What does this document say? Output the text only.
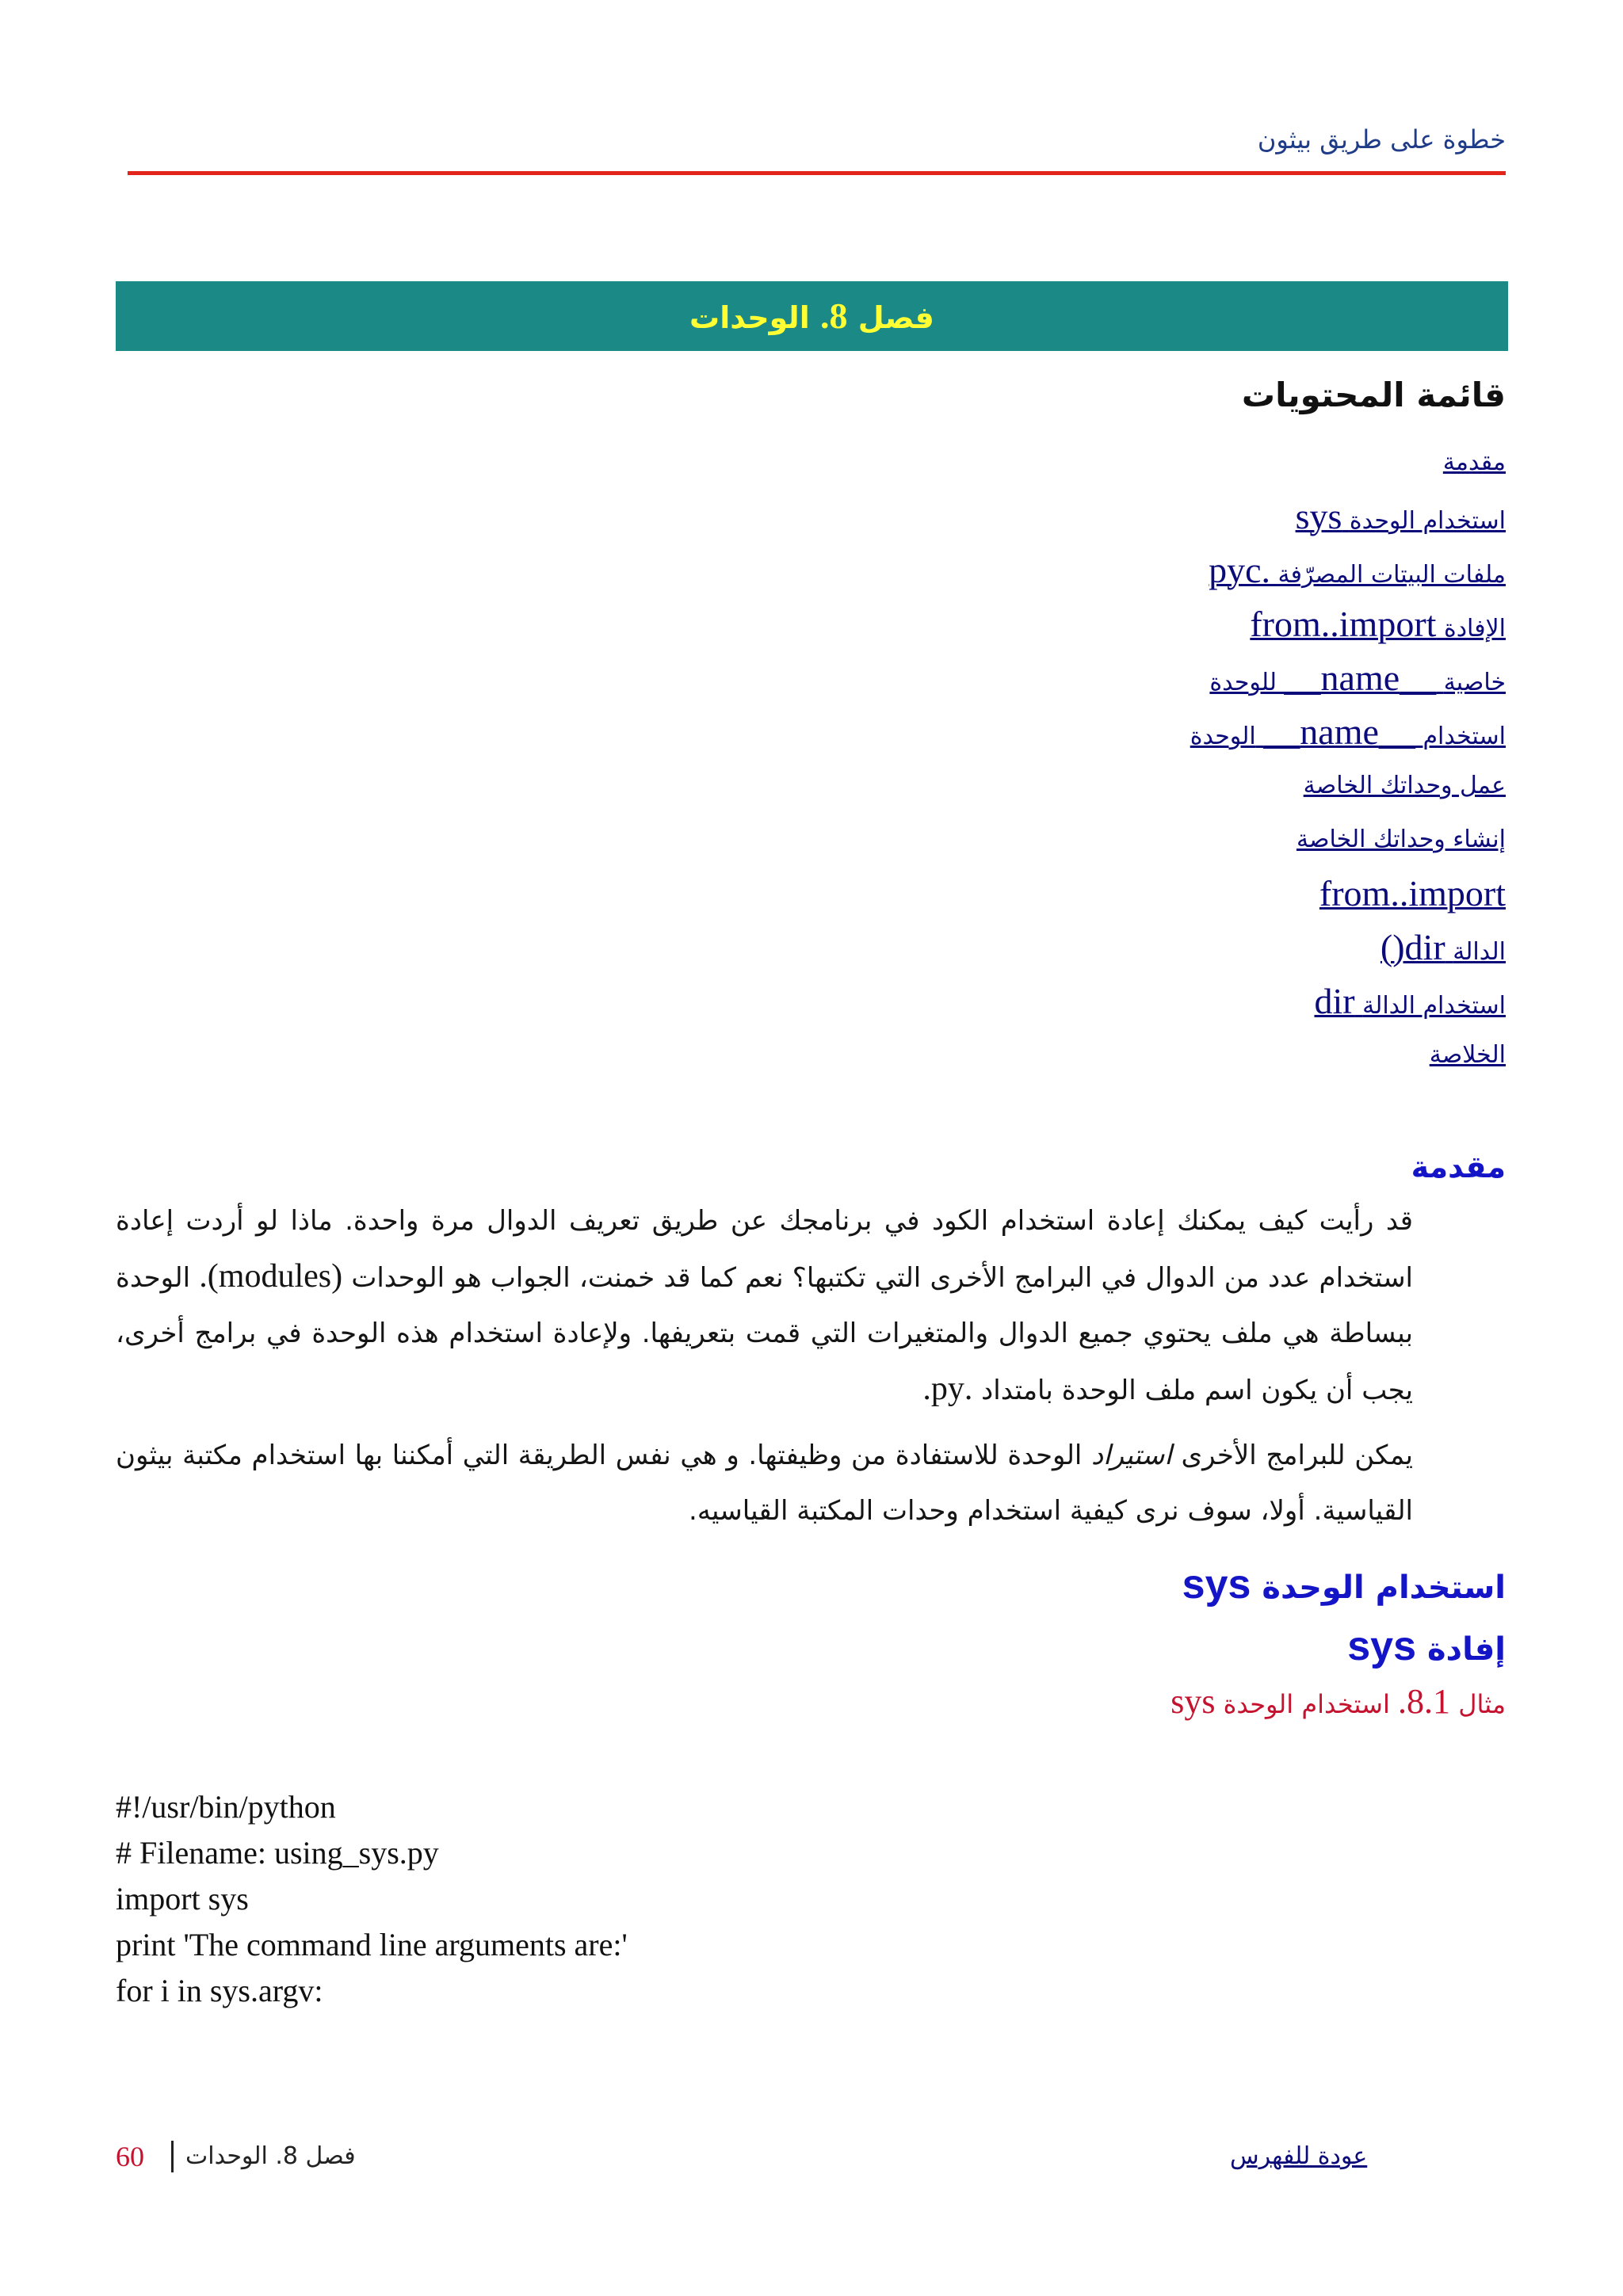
خطوة على طريق بيثون
فصل 8. الوحدات
قائمة المحتويات
مقدمة
استخدام الوحدة sys
ملفات البيتات المصرّفة .pyc
الإفادة from..import
خاصية __name__ للوحدة
استخدام __name__ الوحدة
عمل وحداتك الخاصة
إنشاء وحداتك الخاصة
from..import
الدالة dir()
استخدام الدالة dir
الخلاصة
مقدمة

قد رأيت كيف يمكنك إعادة استخدام الكود في برنامجك عن طريق تعريف الدوال مرة واحدة. ماذا لو أردت إعادة استخدام عدد من الدوال في البرامج الأخرى التي تكتبها؟ نعم كما قد خمنت، الجواب هو الوحدات (modules). الوحدة ببساطة هي ملف يحتوي جميع الدوال والمتغيرات التي قمت بتعريفها. ولإعادة استخدام هذه الوحدة في برامج أخرى، يجب أن يكون اسم ملف الوحدة بامتداد .py.

يمكن للبرامج الأخرى استيراد الوحدة للاستفادة من وظيفتها. و هي نفس الطريقة التي أمكننا بها استخدام مكتبة بيثون القياسية. أولا، سوف نرى كيفية استخدام وحدات المكتبة القياسيه.

استخدام الوحدة sys
إفادة sys
مثال 8.1. استخدام الوحدة sys
#!/usr/bin/python
# Filename: using_sys.py
import sys
print 'The command line arguments are:'
for i in sys.argv:
60 فصل 8. الوحدات	عودة للفهرس
